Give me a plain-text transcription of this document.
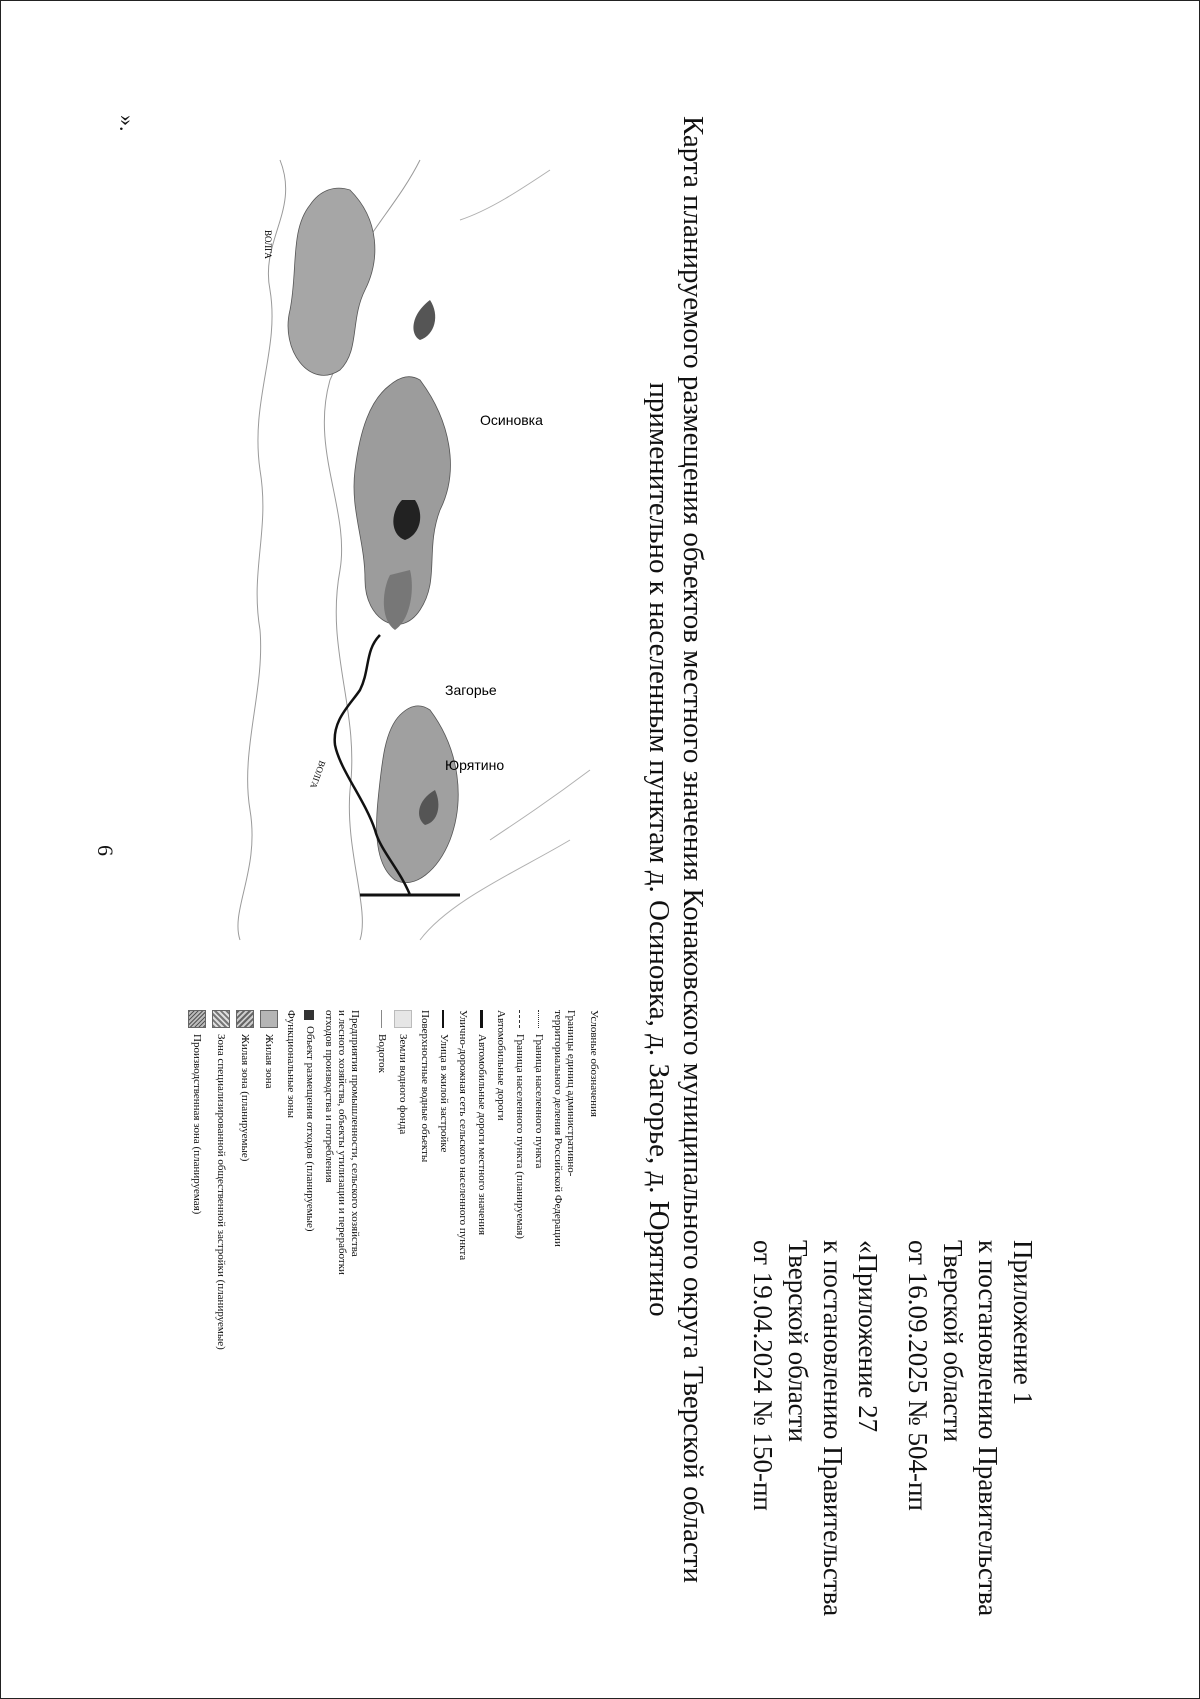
6
Приложение 1
к постановлению Правительства
Тверской области
от 16.09.2025 № 504-пп
«Приложение 27
к постановлению Правительства
Тверской области
от 19.04.2024 № 150-пп
Карта планируемого размещения объектов местного значения Конаковского муниципального округа Тверской области
применительно к населенным пунктам д. Осиновка, д. Загорье, д. Юрятино
Юрятино
Загорье
Осиновка
ВОЛГА
ВОЛГА
Условные обозначения
Границы единиц административно-
территориального деления Российской Федерации
Граница населенного пункта
Граница населенного пункта (планируемая)
Автомобильные дороги
Автомобильные дороги местного значения
Улично-дорожная сеть сельского населенного пункта
Улица в жилой застройке
Поверхностные водные объекты
Земли водного фонда
Водоток
Предприятия промышленности, сельского хозяйства
и лесного хозяйства, объекты утилизации и переработки
отходов производства и потребления
Объект размещения отходов (планируемые)
Функциональные зоны
Жилая зона
Жилая зона (планируемые)
Зона специализированной общественной застройки (планируемые)
Производственная зона (планируемая)
».
